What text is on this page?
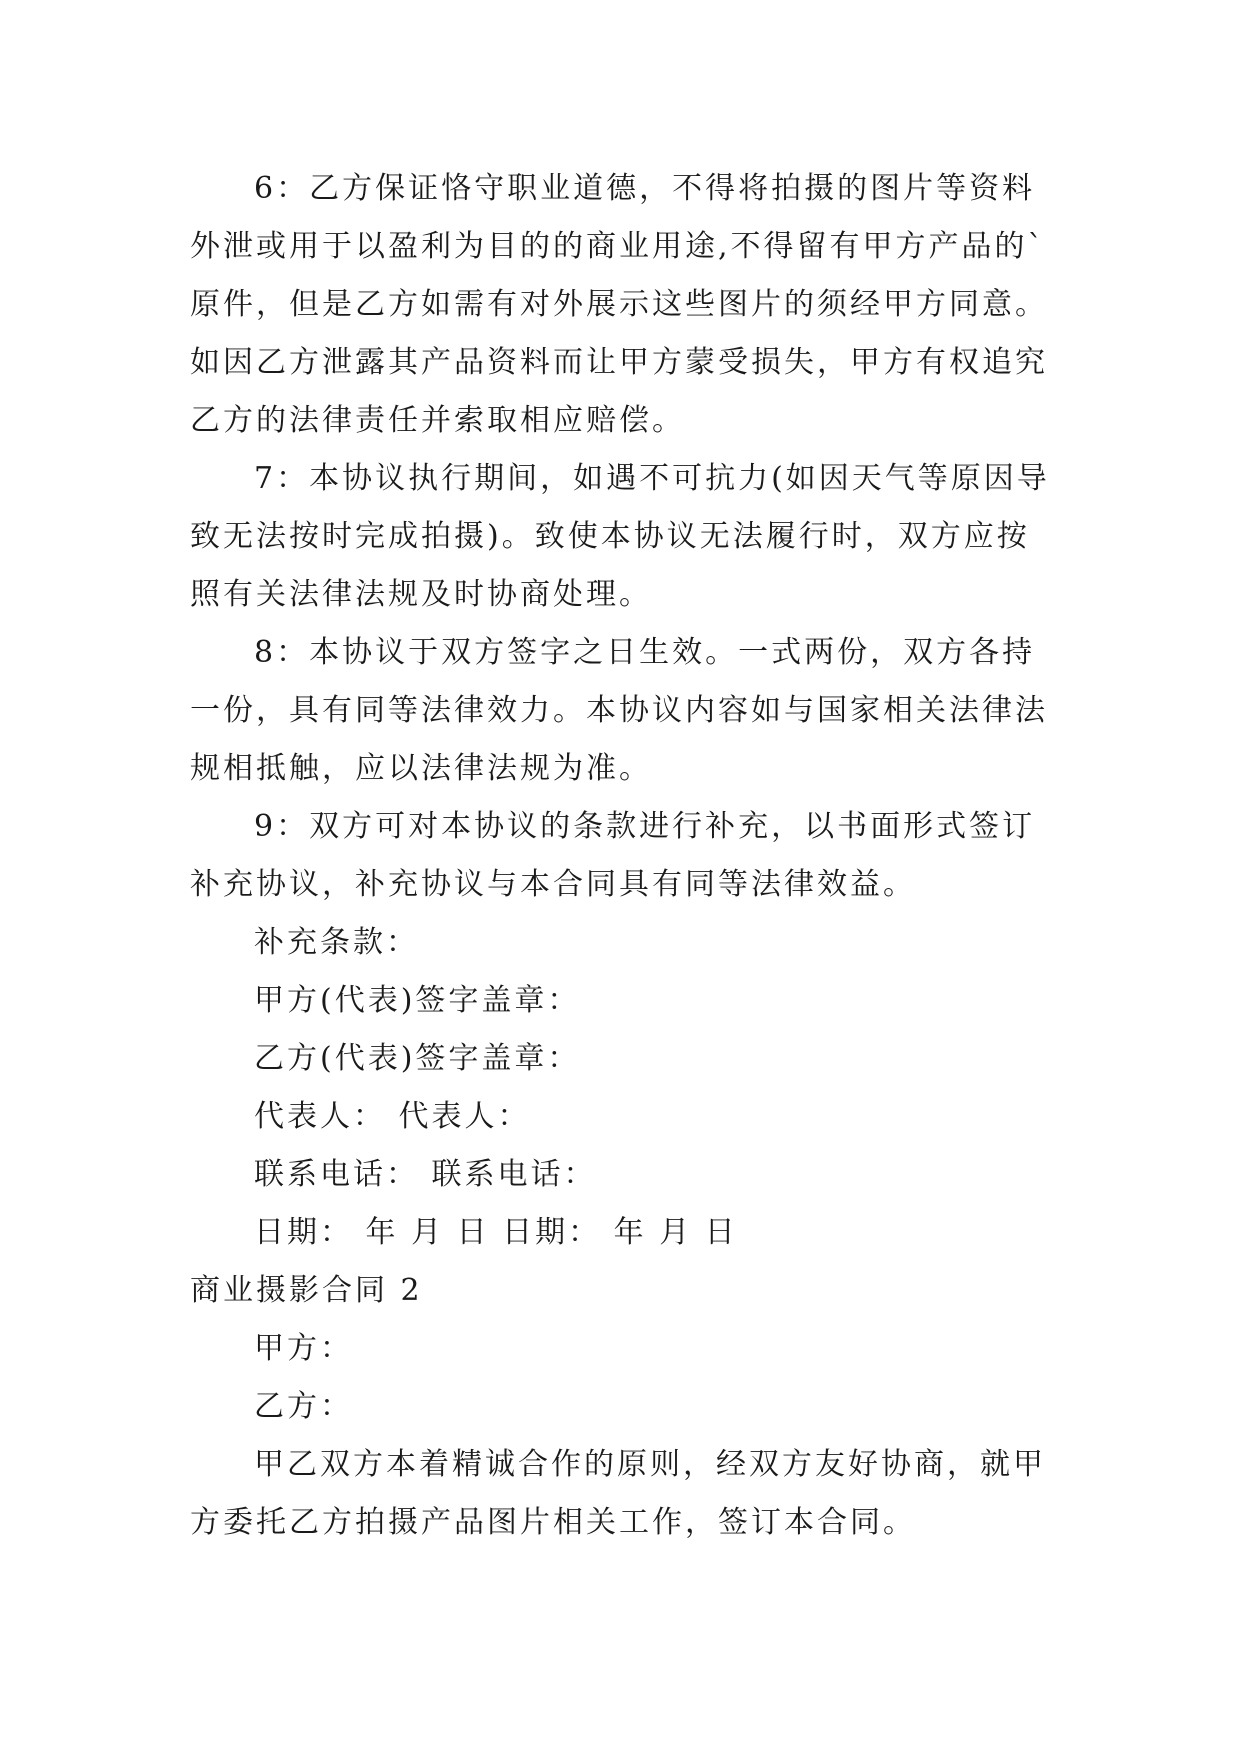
6：乙方保证恪守职业道德，不得将拍摄的图片等资料
外泄或用于以盈利为目的的商业用途,不得留有甲方产品的`
原件，但是乙方如需有对外展示这些图片的须经甲方同意。
如因乙方泄露其产品资料而让甲方蒙受损失，甲方有权追究
乙方的法律责任并索取相应赔偿。
7：本协议执行期间，如遇不可抗力(如因天气等原因导
致无法按时完成拍摄)。致使本协议无法履行时，双方应按
照有关法律法规及时协商处理。
8：本协议于双方签字之日生效。一式两份，双方各持
一份，具有同等法律效力。本协议内容如与国家相关法律法
规相抵触，应以法律法规为准。
9：双方可对本协议的条款进行补充，以书面形式签订
补充协议，补充协议与本合同具有同等法律效益。
补充条款：
甲方(代表)签字盖章：
乙方(代表)签字盖章：
代表人： 代表人：
联系电话： 联系电话：
日期： 年 月 日 日期： 年 月 日
商业摄影合同 2
甲方：
乙方：
甲乙双方本着精诚合作的原则，经双方友好协商，就甲
方委托乙方拍摄产品图片相关工作，签订本合同。
